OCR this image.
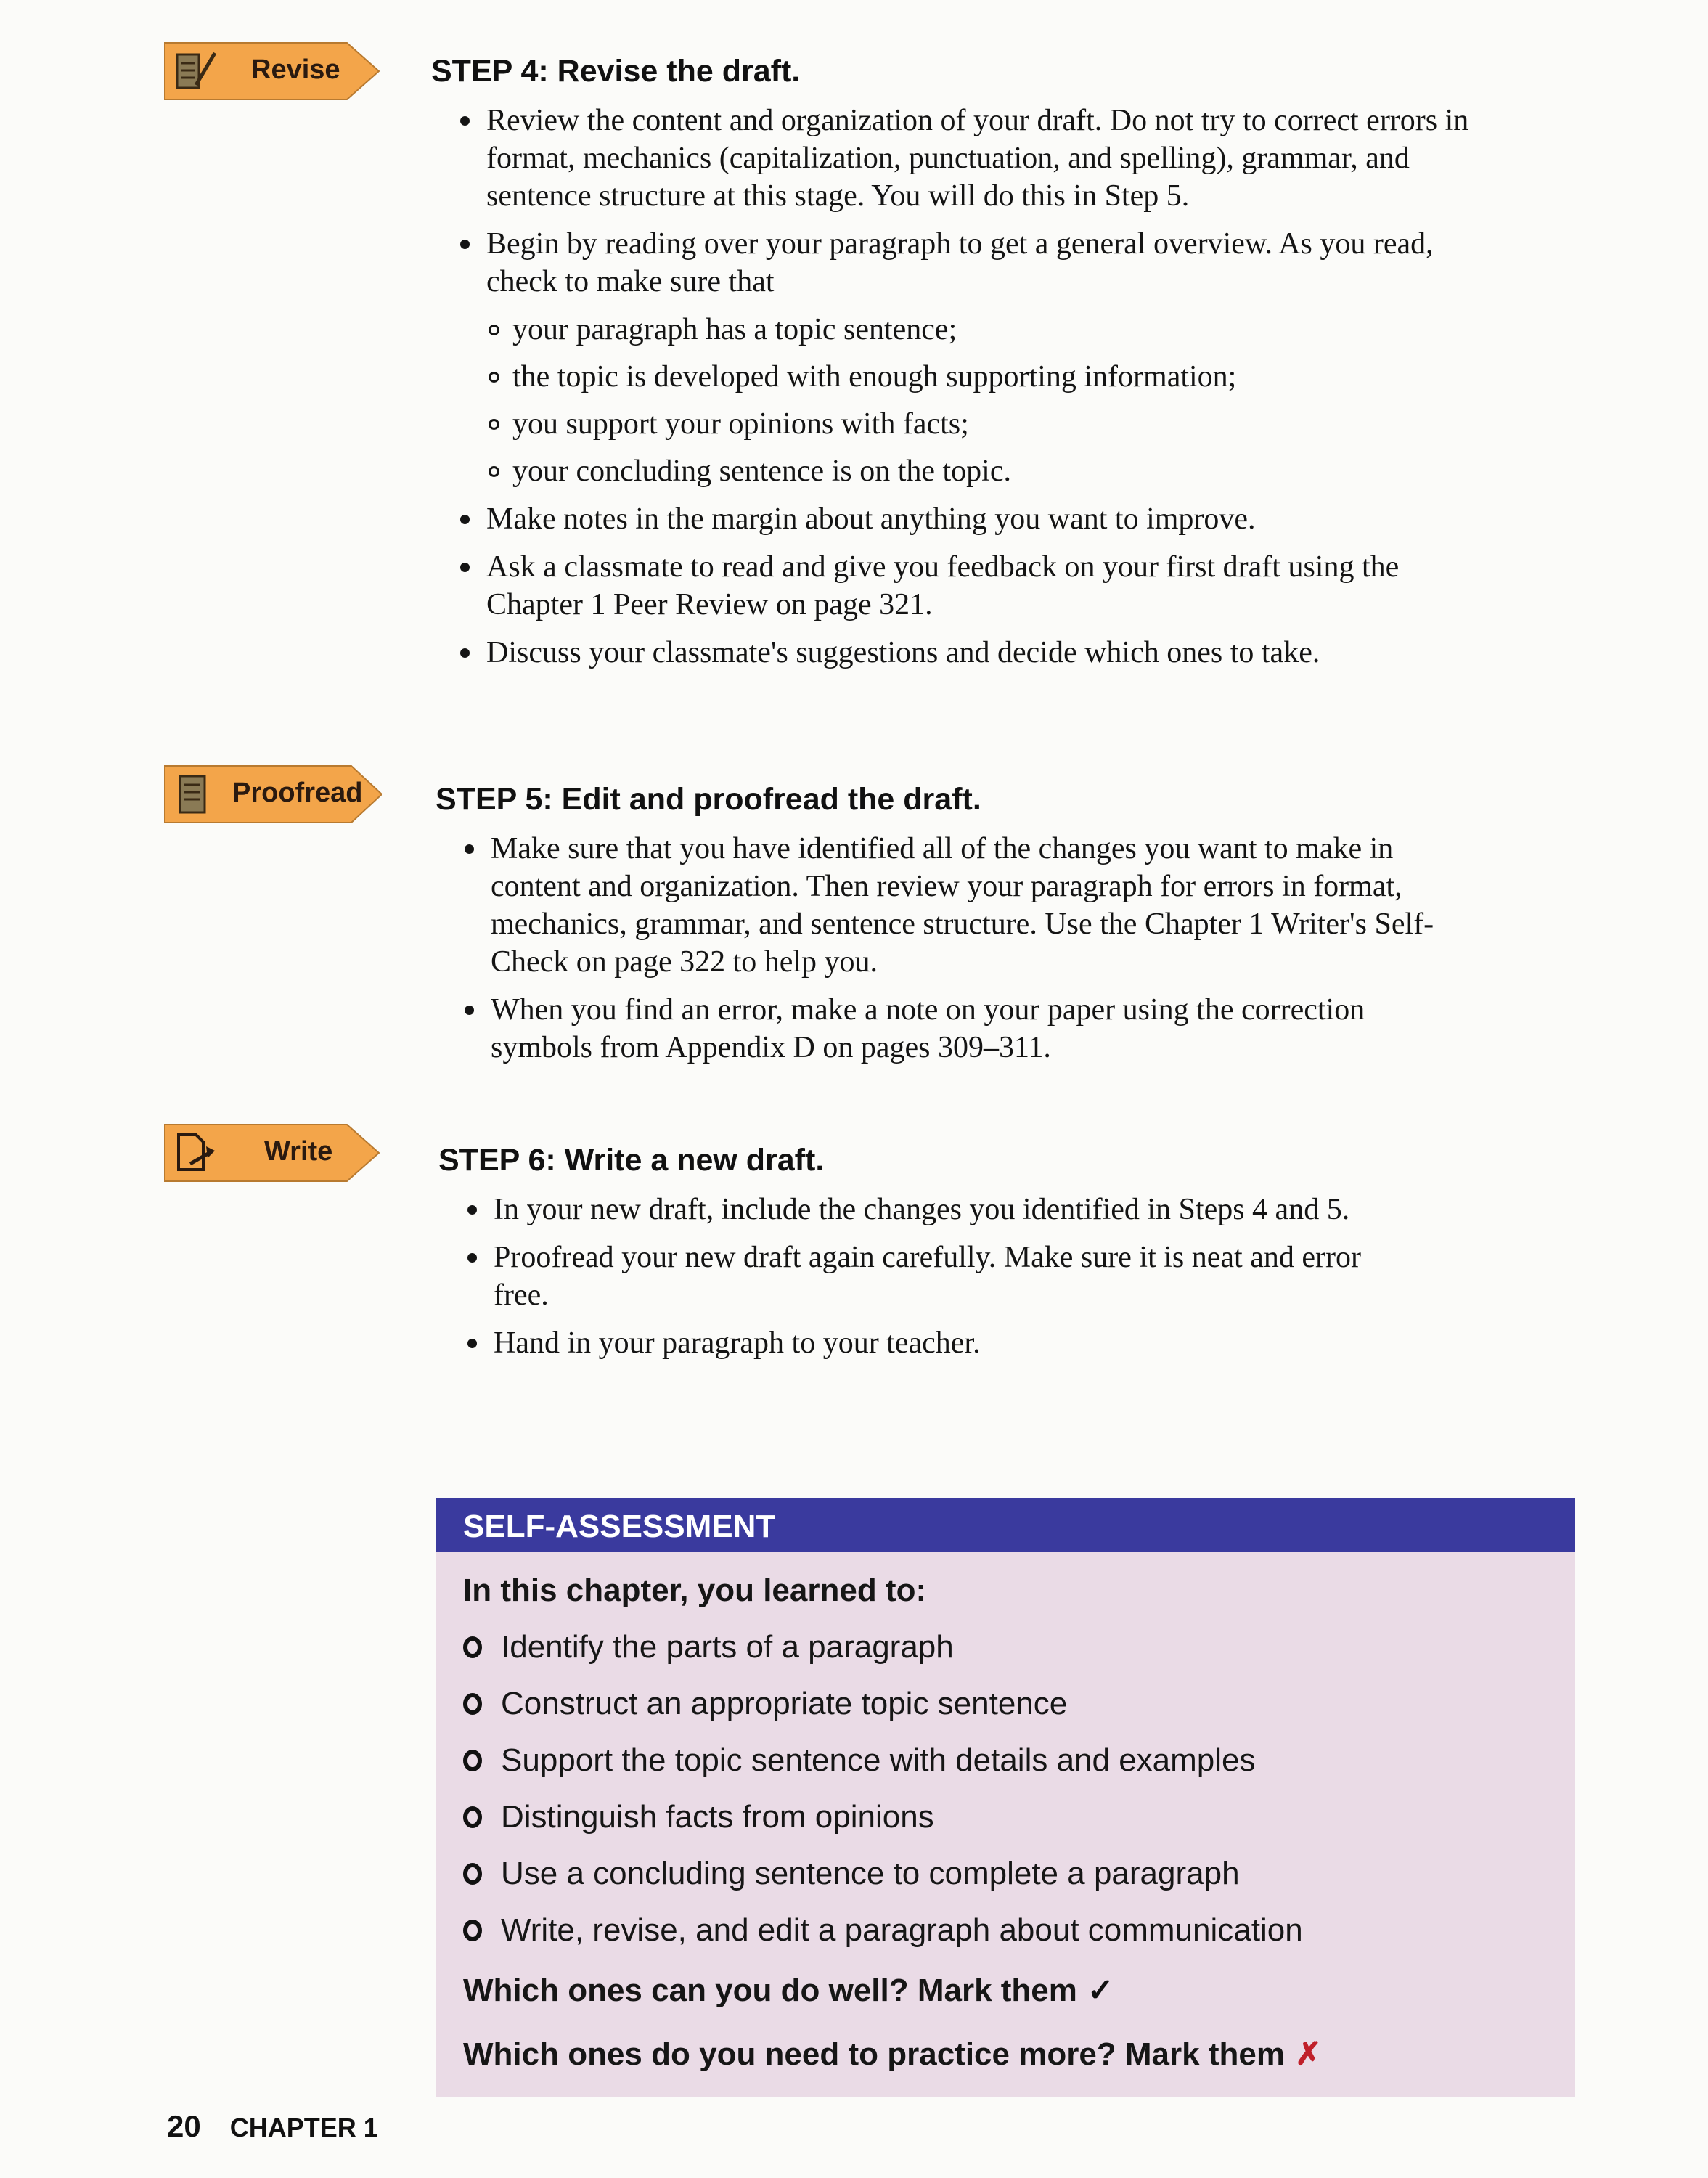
Revise
Proofread
Write
STEP 4: Revise the draft.
Review the content and organization of your draft. Do not try to correct errors in format, mechanics (capitalization, punctuation, and spelling), grammar, and sentence structure at this stage. You will do this in Step 5.
Begin by reading over your paragraph to get a general overview. As you read, check to make sure that
your paragraph has a topic sentence;
the topic is developed with enough supporting information;
you support your opinions with facts;
your concluding sentence is on the topic.
Make notes in the margin about anything you want to improve.
Ask a classmate to read and give you feedback on your first draft using the Chapter 1 Peer Review on page 321.
Discuss your classmate's suggestions and decide which ones to take.
STEP 5: Edit and proofread the draft.
Make sure that you have identified all of the changes you want to make in content and organization. Then review your paragraph for errors in format, mechanics, grammar, and sentence structure. Use the Chapter 1 Writer's Self-Check on page 322 to help you.
When you find an error, make a note on your paper using the correction symbols from Appendix D on pages 309–311.
STEP 6: Write a new draft.
In your new draft, include the changes you identified in Steps 4 and 5.
Proofread your new draft again carefully. Make sure it is neat and error free.
Hand in your paragraph to your teacher.
SELF-ASSESSMENT
In this chapter, you learned to:
Identify the parts of a paragraph
Construct an appropriate topic sentence
Support the topic sentence with details and examples
Distinguish facts from opinions
Use a concluding sentence to complete a paragraph
Write, revise, and edit a paragraph about communication
Which ones can you do well? Mark them ✓
Which ones do you need to practice more? Mark them ✗
20 CHAPTER 1
